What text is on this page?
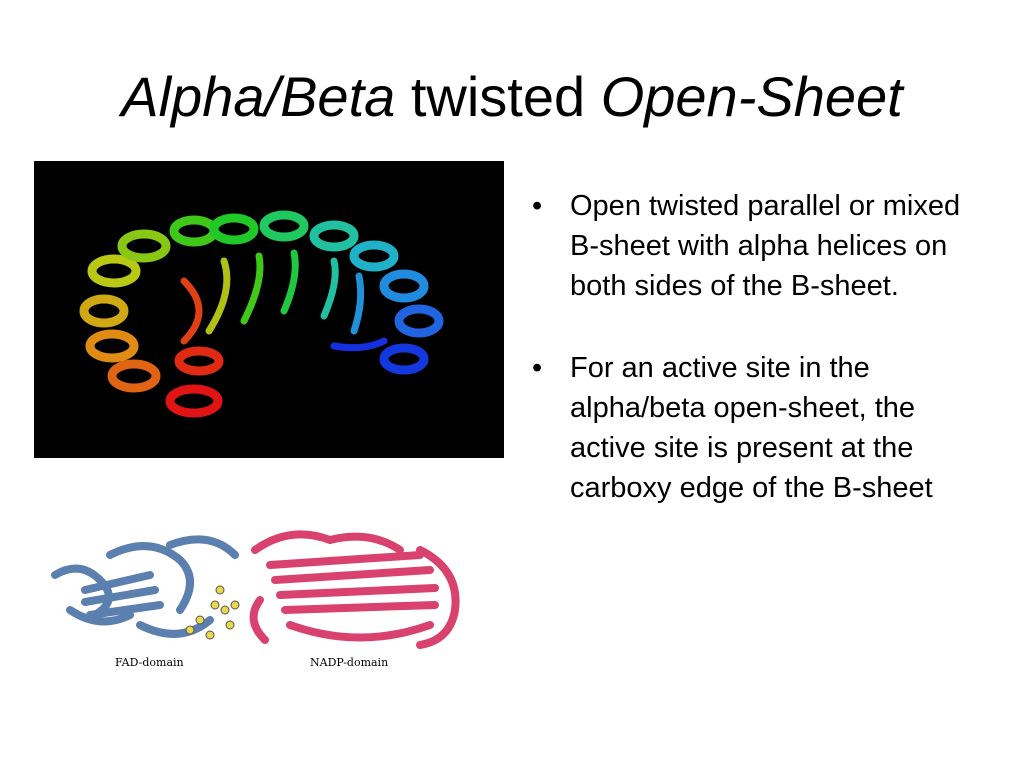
Alpha/Beta twisted Open-Sheet
FAD-domain	NADP-domain
• Open twisted parallel or mixed B-sheet with alpha helices on both sides of the B-sheet.
• For an active site in the alpha/beta open-sheet, the active site is present at the carboxy edge of the B-sheet
